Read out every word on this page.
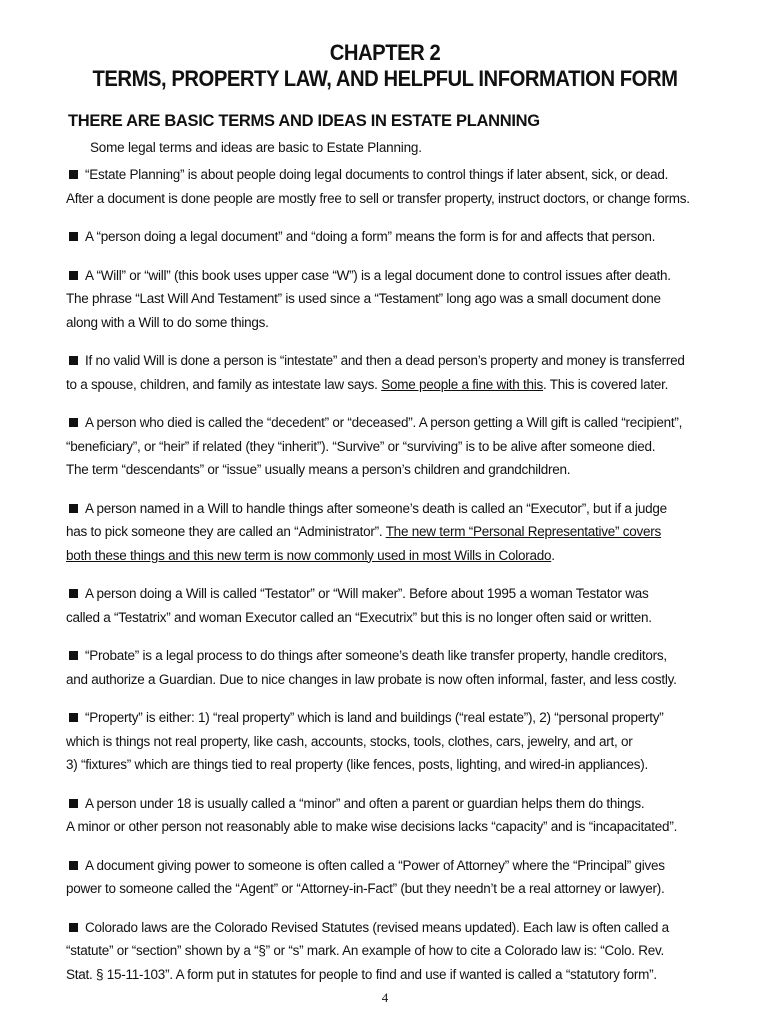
CHAPTER 2
TERMS, PROPERTY LAW, AND HELPFUL INFORMATION FORM
THERE ARE BASIC TERMS AND IDEAS IN ESTATE PLANNING
Some legal terms and ideas are basic to Estate Planning.
“Estate Planning” is about people doing legal documents to control things if later absent, sick, or dead.
After a document is done people are mostly free to sell or transfer property, instruct doctors, or change forms.
A “person doing a legal document” and “doing a form” means the form is for and affects that person.
A “Will” or “will” (this book uses upper case “W”) is a legal document done to control issues after death.
The phrase “Last Will And Testament” is used since a “Testament” long ago was a small document done
along with a Will to do some things.
If no valid Will is done a person is “intestate” and then a dead person’s property and money is transferred
to a spouse, children, and family as intestate law says. Some people a fine with this. This is covered later.
A person who died is called the “decedent” or “deceased”. A person getting a Will gift is called “recipient”,
“beneficiary”, or “heir” if related (they “inherit”). “Survive” or “surviving” is to be alive after someone died.
The term “descendants” or “issue” usually means a person’s children and grandchildren.
A person named in a Will to handle things after someone’s death is called an “Executor”, but if a judge
has to pick someone they are called an “Administrator”. The new term “Personal Representative” covers
both these things and this new term is now commonly used in most Wills in Colorado.
A person doing a Will is called “Testator” or “Will maker”. Before about 1995 a woman Testator was
called a “Testatrix” and woman Executor called an “Executrix” but this is no longer often said or written.
“Probate” is a legal process to do things after someone’s death like transfer property, handle creditors,
and authorize a Guardian. Due to nice changes in law probate is now often informal, faster, and less costly.
“Property” is either: 1) “real property” which is land and buildings (“real estate”), 2) “personal property”
which is things not real property, like cash, accounts, stocks, tools, clothes, cars, jewelry, and art, or
3) “fixtures” which are things tied to real property (like fences, posts, lighting, and wired-in appliances).
A person under 18 is usually called a “minor” and often a parent or guardian helps them do things.
A minor or other person not reasonably able to make wise decisions lacks “capacity” and is “incapacitated”.
A document giving power to someone is often called a “Power of Attorney” where the “Principal” gives
power to someone called the “Agent” or “Attorney-in-Fact” (but they needn’t be a real attorney or lawyer).
Colorado laws are the Colorado Revised Statutes (revised means updated). Each law is often called a
“statute” or “section” shown by a “§” or “s” mark. An example of how to cite a Colorado law is: “Colo. Rev.
Stat. § 15-11-103”. A form put in statutes for people to find and use if wanted is called a “statutory form”.
4
